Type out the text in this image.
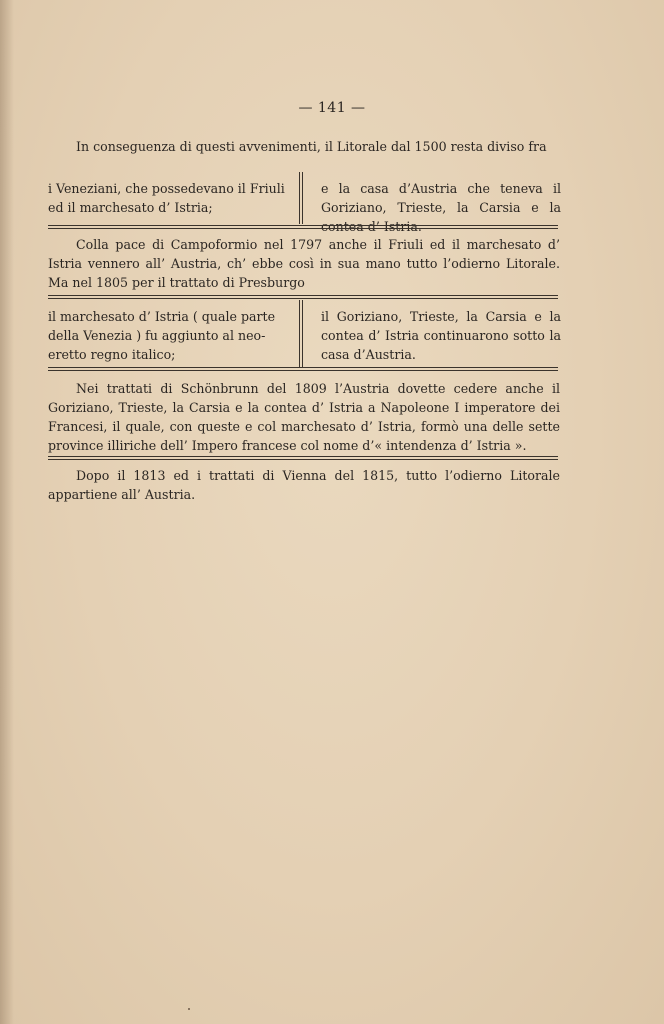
— 141 —
In conseguenza di questi avvenimenti, il Litorale dal 1500 resta diviso fra
i Veneziani, che possedevano il Friuli ed il marchesato d’ Istria;
e la casa d’Austria che teneva il Goriziano, Trieste, la Carsia e la contea d’ Istria.
Colla pace di Campoformio nel 1797 anche il Friuli ed il marchesato d’ Istria vennero all’ Austria, ch’ ebbe così in sua mano tutto l’odierno Litorale. Ma nel 1805 per il trattato di Presburgo
il marchesato d’ Istria ( quale parte della Venezia ) fu aggiunto al neo-eretto regno italico;
il Goriziano, Trieste, la Carsia e la contea d’ Istria continuarono sotto la casa d’Austria.
Nei trattati di Schönbrunn del 1809 l’Austria dovette cedere anche il Goriziano, Trieste, la Carsia e la contea d’ Istria a Napoleone I imperatore dei Francesi, il quale, con queste e col marchesato d’ Istria, formò una delle sette province illiriche dell’ Impero francese col nome d’« intendenza d’ Istria ».
Dopo il 1813 ed i trattati di Vienna del 1815, tutto l’odierno Litorale appartiene all’ Austria.
